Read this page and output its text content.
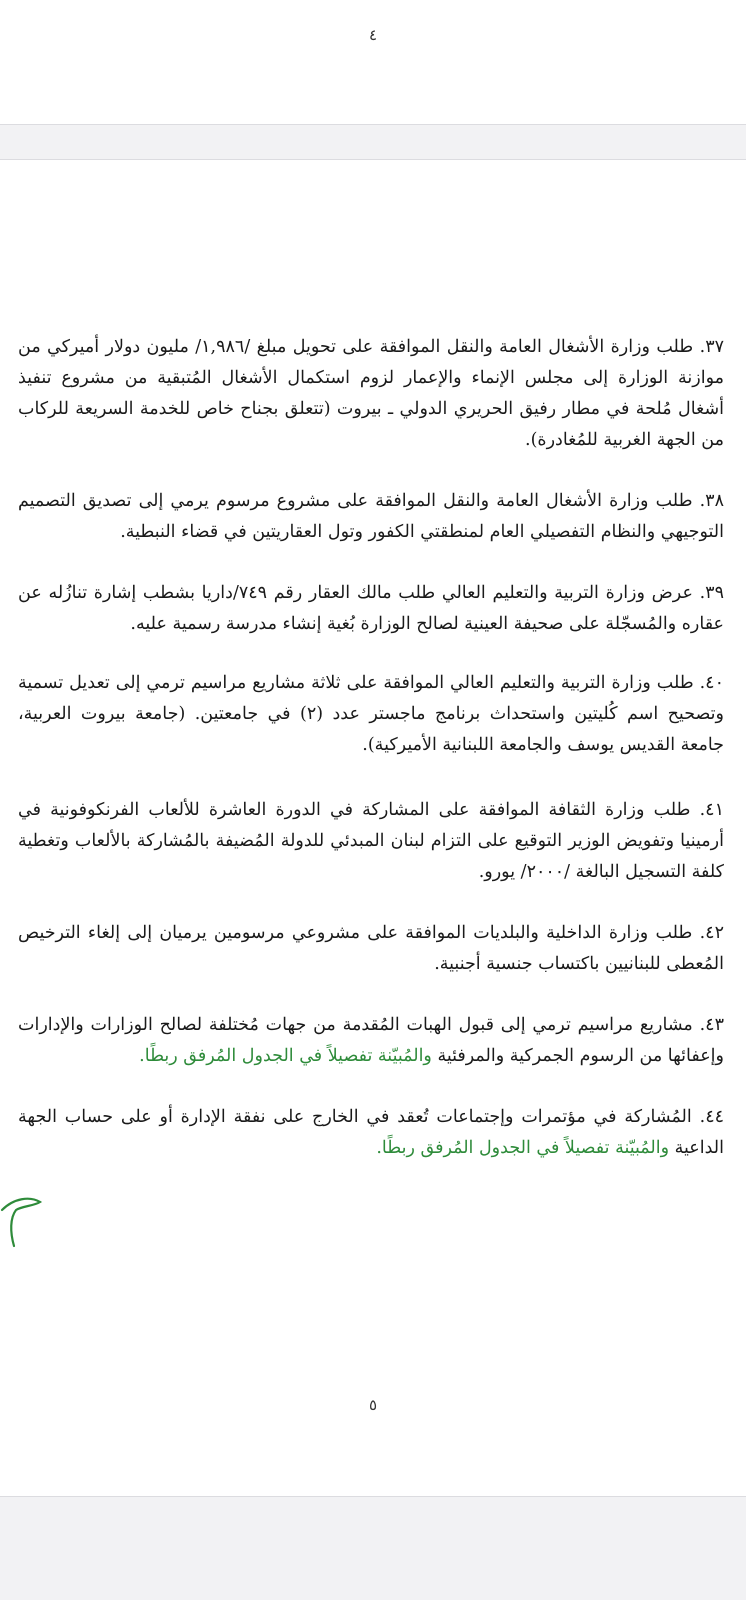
٤
٣٧. طلب وزارة الأشغال العامة والنقل الموافقة على تحويل مبلغ /١,٩٨٦/ مليون دولار أميركي من موازنة الوزارة إلى مجلس الإنماء والإعمار لزوم استكمال الأشغال المُتبقية من مشروع تنفيذ أشغال مُلحة في مطار رفيق الحريري الدولي ـ بيروت (تتعلق بجناح خاص للخدمة السريعة للركاب من الجهة الغربية للمُغادرة).
٣٨. طلب وزارة الأشغال العامة والنقل الموافقة على مشروع مرسوم يرمي إلى تصديق التصميم التوجيهي والنظام التفصيلي العام لمنطقتي الكفور وتول العقاريتين في قضاء النبطية.
٣٩. عرض وزارة التربية والتعليم العالي طلب مالك العقار رقم ٧٤٩/داريا بشطب إشارة تنازُله عن عقاره والمُسجّلة على صحيفة العينية لصالح الوزارة بُغية إنشاء مدرسة رسمية عليه.
٤٠. طلب وزارة التربية والتعليم العالي الموافقة على ثلاثة مشاريع مراسيم ترمي إلى تعديل تسمية وتصحيح اسم كُليتين واستحداث برنامج ماجستر عدد (٢) في جامعتين. (جامعة بيروت العربية، جامعة القديس يوسف والجامعة اللبنانية الأميركية).
٤١. طلب وزارة الثقافة الموافقة على المشاركة في الدورة العاشرة للألعاب الفرنكوفونية في أرمينيا وتفويض الوزير التوقيع على التزام لبنان المبدئي للدولة المُضيفة بالمُشاركة بالألعاب وتغطية كلفة التسجيل البالغة /٢٠٠٠/ يورو.
٤٢. طلب وزارة الداخلية والبلديات الموافقة على مشروعي مرسومين يرميان إلى إلغاء الترخيص المُعطى للبنانيين باكتساب جنسية أجنبية.
٤٣. مشاريع مراسيم ترمي إلى قبول الهبات المُقدمة من جهات مُختلفة لصالح الوزارات والإدارات وإعفائها من الرسوم الجمركية والمرفئية والمُبيّنة تفصيلاً في الجدول المُرفق ربطًا.
٤٤. المُشاركة في مؤتمرات وإجتماعات تُعقد في الخارج على نفقة الإدارة أو على حساب الجهة الداعية والمُبيّنة تفصيلاً في الجدول المُرفق ربطًا.
٥
